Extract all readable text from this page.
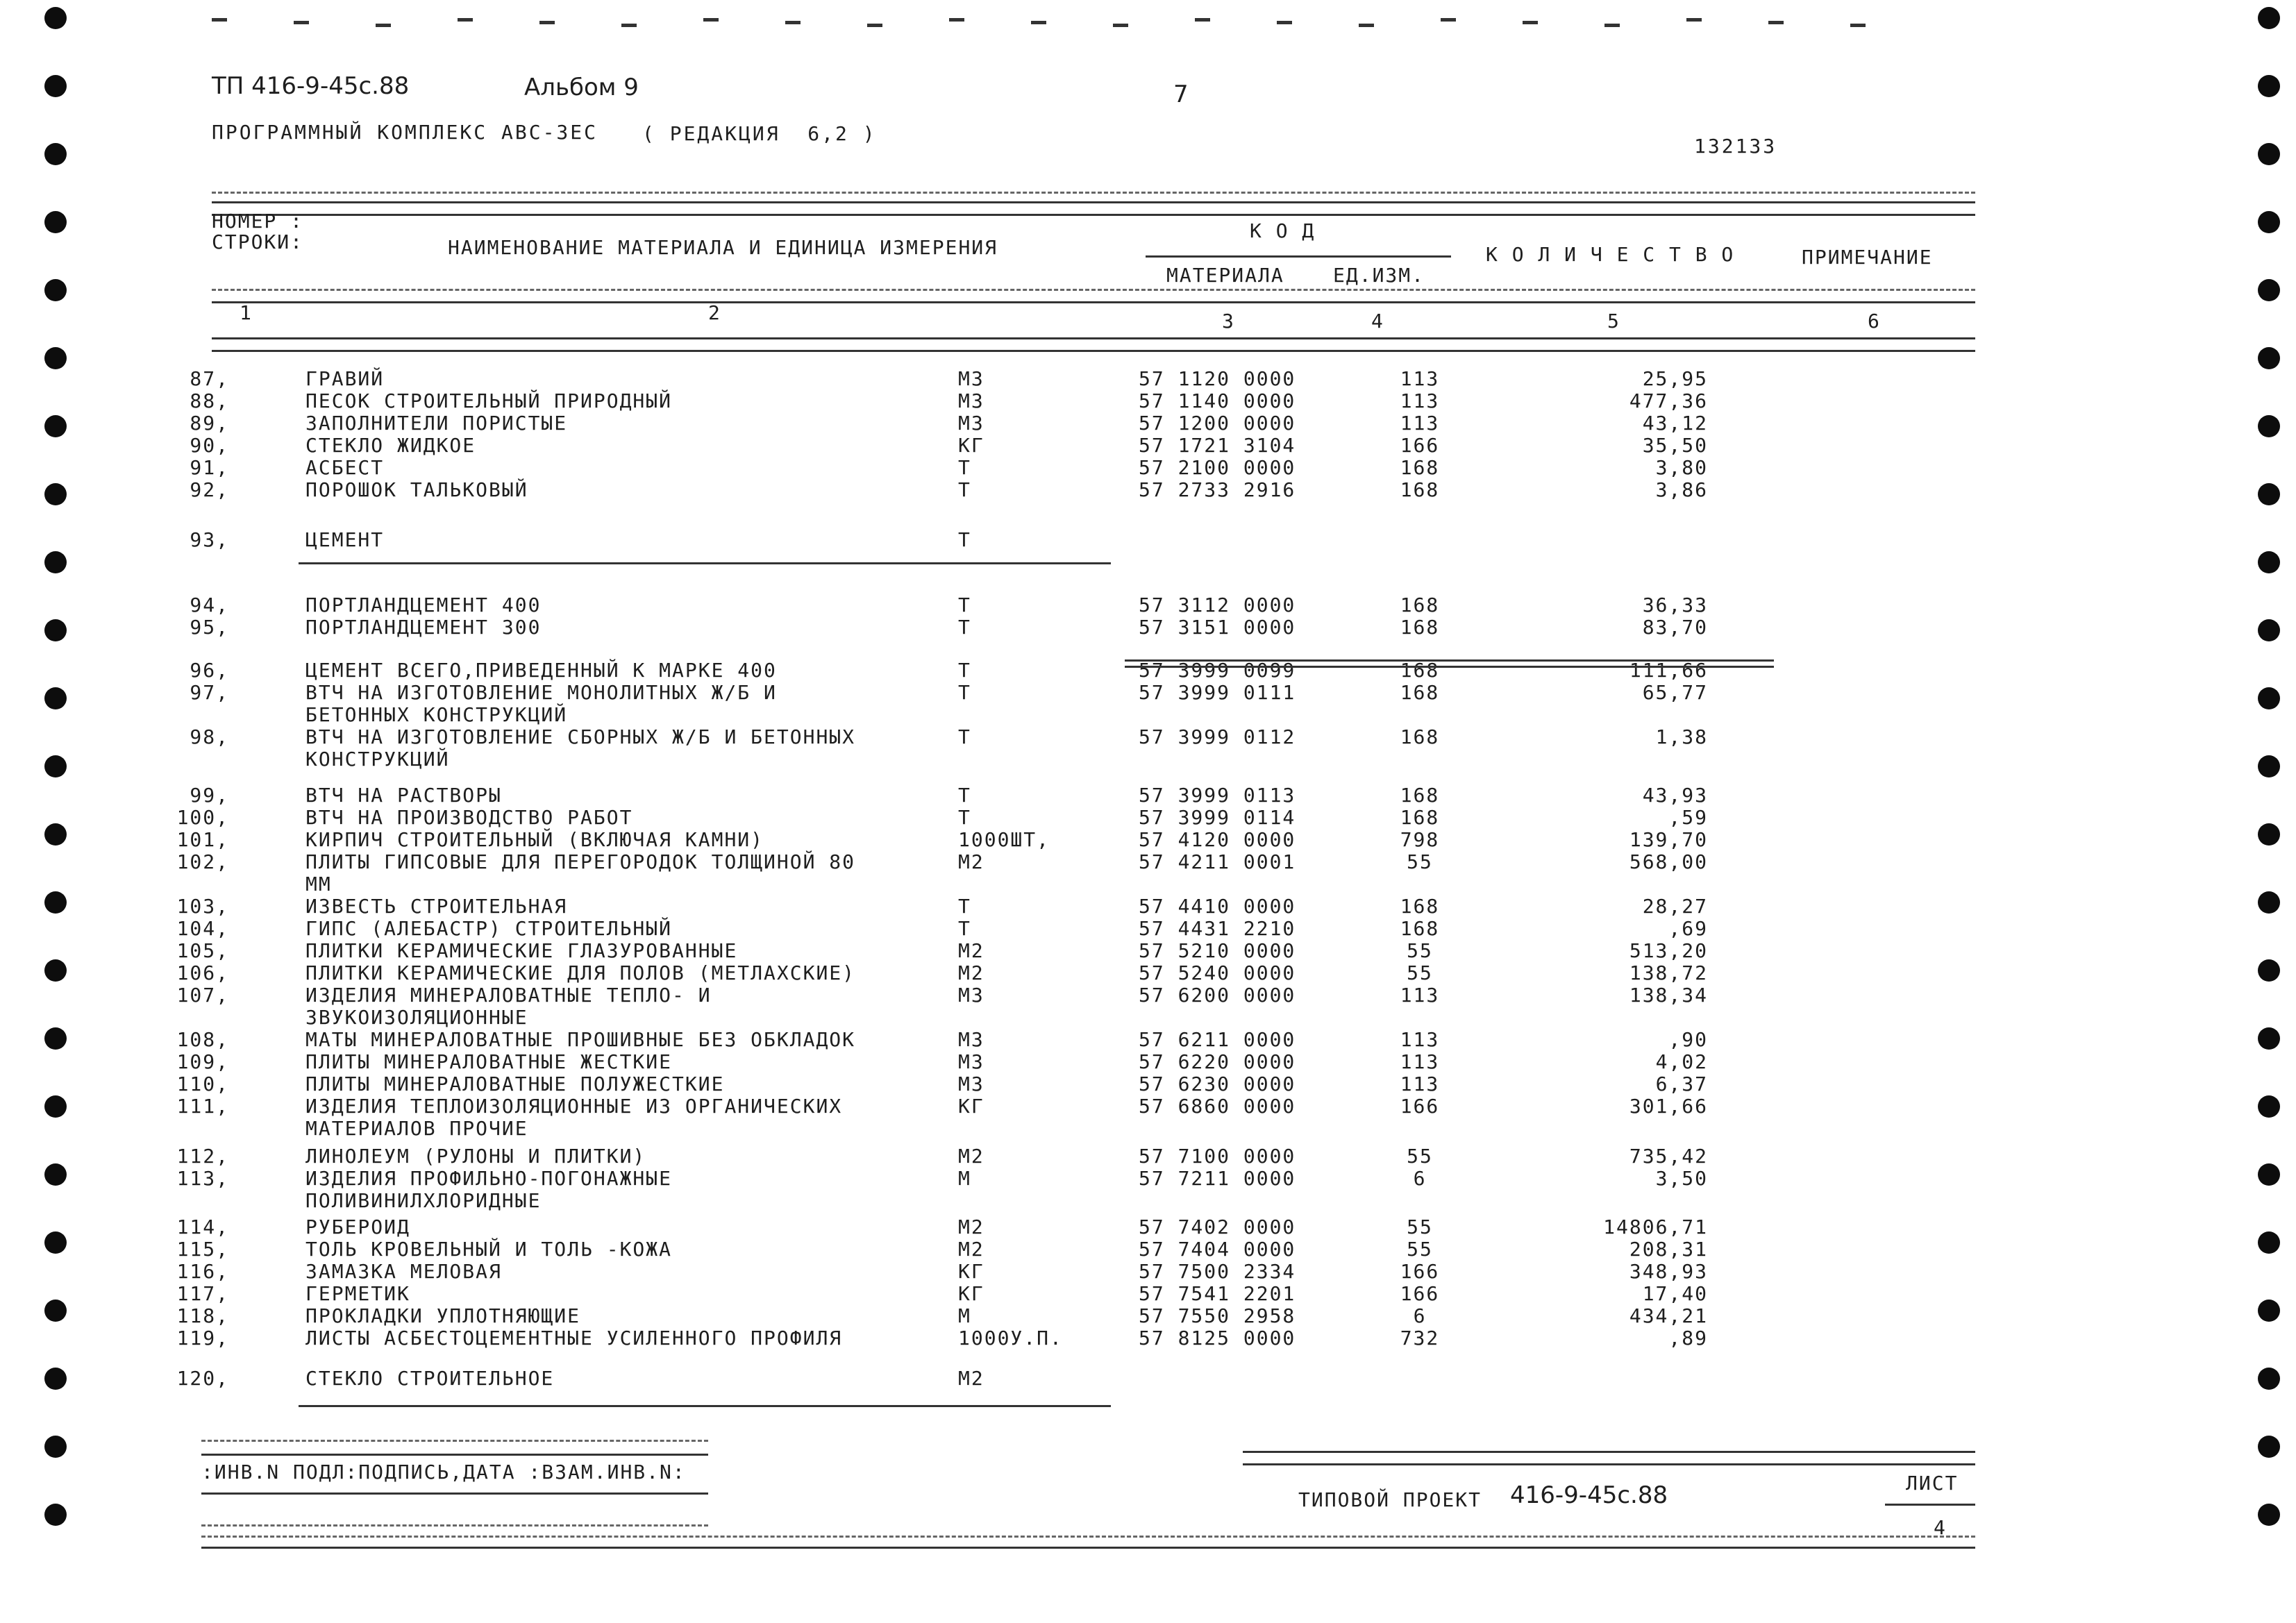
ТП 416-9-45с.88	Альбом 9	7
ПРОГРАММНЫЙ КОМПЛЕКС АВС-3ЕС ( РЕДАКЦИЯ  6,2 )
132133
НОМЕР :
СТРОКИ:	НАИМЕНОВАНИЕ МАТЕРИАЛА И ЕДИНИЦА ИЗМЕРЕНИЯ
К О Д
МАТЕРИАЛА	ЕД.ИЗМ.
К О Л И Ч Е С Т В О	ПРИМЕЧАНИЕ
1	2	3	4	5	6
87,	ГРАВИЙ	М3	57 1120 0000	113	25,95
88,	ПЕСОК СТРОИТЕЛЬНЫЙ ПРИРОДНЫЙ	М3	57 1140 0000	113	477,36
89,	ЗАПОЛНИТЕЛИ ПОРИСТЫЕ	М3	57 1200 0000	113	43,12
90,	СТЕКЛО ЖИДКОЕ	КГ	57 1721 3104	166	35,50
91,	АСБЕСТ	Т	57 2100 0000	168	3,80
92,	ПОРОШОК ТАЛЬКОВЫЙ	Т	57 2733 2916	168	3,86
93,	ЦЕМЕНТ	Т
94,	ПОРТЛАНДЦЕМЕНТ 400	Т	57 3112 0000	168	36,33
95,	ПОРТЛАНДЦЕМЕНТ 300	Т	57 3151 0000	168	83,70
96,	ЦЕМЕНТ ВСЕГО,ПРИВЕДЕННЫЙ К МАРКЕ 400	Т	57 3999 0099	168	111,66
97,	ВТЧ НА ИЗГОТОВЛЕНИЕ МОНОЛИТНЫХ Ж/Б И	Т	57 3999 0111	168	65,77
БЕТОННЫХ КОНСТРУКЦИЙ
98,	ВТЧ НА ИЗГОТОВЛЕНИЕ СБОРНЫХ Ж/Б И БЕТОННЫХ	Т	57 3999 0112	168	1,38
КОНСТРУКЦИЙ
99,	ВТЧ НА РАСТВОРЫ	Т	57 3999 0113	168	43,93
100,	ВТЧ НА ПРОИЗВОДСТВО РАБОТ	Т	57 3999 0114	168	,59
101,	КИРПИЧ СТРОИТЕЛЬНЫЙ (ВКЛЮЧАЯ КАМНИ)	1000ШТ,	57 4120 0000	798	139,70
102,	ПЛИТЫ ГИПСОВЫЕ ДЛЯ ПЕРЕГОРОДОК ТОЛЩИНОЙ 80	М2	57 4211 0001	55	568,00
ММ
103,	ИЗВЕСТЬ СТРОИТЕЛЬНАЯ	Т	57 4410 0000	168	28,27
104,	ГИПС (АЛЕБАСТР) СТРОИТЕЛЬНЫЙ	Т	57 4431 2210	168	,69
105,	ПЛИТКИ КЕРАМИЧЕСКИЕ ГЛАЗУРОВАННЫЕ	М2	57 5210 0000	55	513,20
106,	ПЛИТКИ КЕРАМИЧЕСКИЕ ДЛЯ ПОЛОВ (МЕТЛАХСКИЕ)	М2	57 5240 0000	55	138,72
107,	ИЗДЕЛИЯ МИНЕРАЛОВАТНЫЕ ТЕПЛО- И	М3	57 6200 0000	113	138,34
ЗВУКОИЗОЛЯЦИОННЫЕ
108,	МАТЫ МИНЕРАЛОВАТНЫЕ ПРОШИВНЫЕ БЕЗ ОБКЛАДОК	М3	57 6211 0000	113	,90
109,	ПЛИТЫ МИНЕРАЛОВАТНЫЕ ЖЕСТКИЕ	М3	57 6220 0000	113	4,02
110,	ПЛИТЫ МИНЕРАЛОВАТНЫЕ ПОЛУЖЕСТКИЕ	М3	57 6230 0000	113	6,37
111,	ИЗДЕЛИЯ ТЕПЛОИЗОЛЯЦИОННЫЕ ИЗ ОРГАНИЧЕСКИХ	КГ	57 6860 0000	166	301,66
МАТЕРИАЛОВ ПРОЧИЕ
112,	ЛИНОЛЕУМ (РУЛОНЫ И ПЛИТКИ)	М2	57 7100 0000	55	735,42
113,	ИЗДЕЛИЯ ПРОФИЛЬНО-ПОГОНАЖНЫЕ	М	57 7211 0000	6	3,50
ПОЛИВИНИЛХЛОРИДНЫЕ
114,	РУБЕРОИД	М2	57 7402 0000	55	14806,71
115,	ТОЛЬ КРОВЕЛЬНЫЙ И ТОЛЬ -КОЖА	М2	57 7404 0000	55	208,31
116,	ЗАМАЗКА МЕЛОВАЯ	КГ	57 7500 2334	166	348,93
117,	ГЕРМЕТИК	КГ	57 7541 2201	166	17,40
118,	ПРОКЛАДКИ УПЛОТНЯЮЩИЕ	М	57 7550 2958	6	434,21
119,	ЛИСТЫ АСБЕСТОЦЕМЕНТНЫЕ УСИЛЕННОГО ПРОФИЛЯ	1000У.П.	57 8125 0000	732	,89
120,	СТЕКЛО СТРОИТЕЛЬНОЕ	М2
:ИНВ.N ПОДЛ:ПОДПИСЬ,ДАТА :ВЗАМ.ИНВ.N:
ТИПОВОЙ ПРОЕКТ 416-9-45с.88	ЛИСТ
4
